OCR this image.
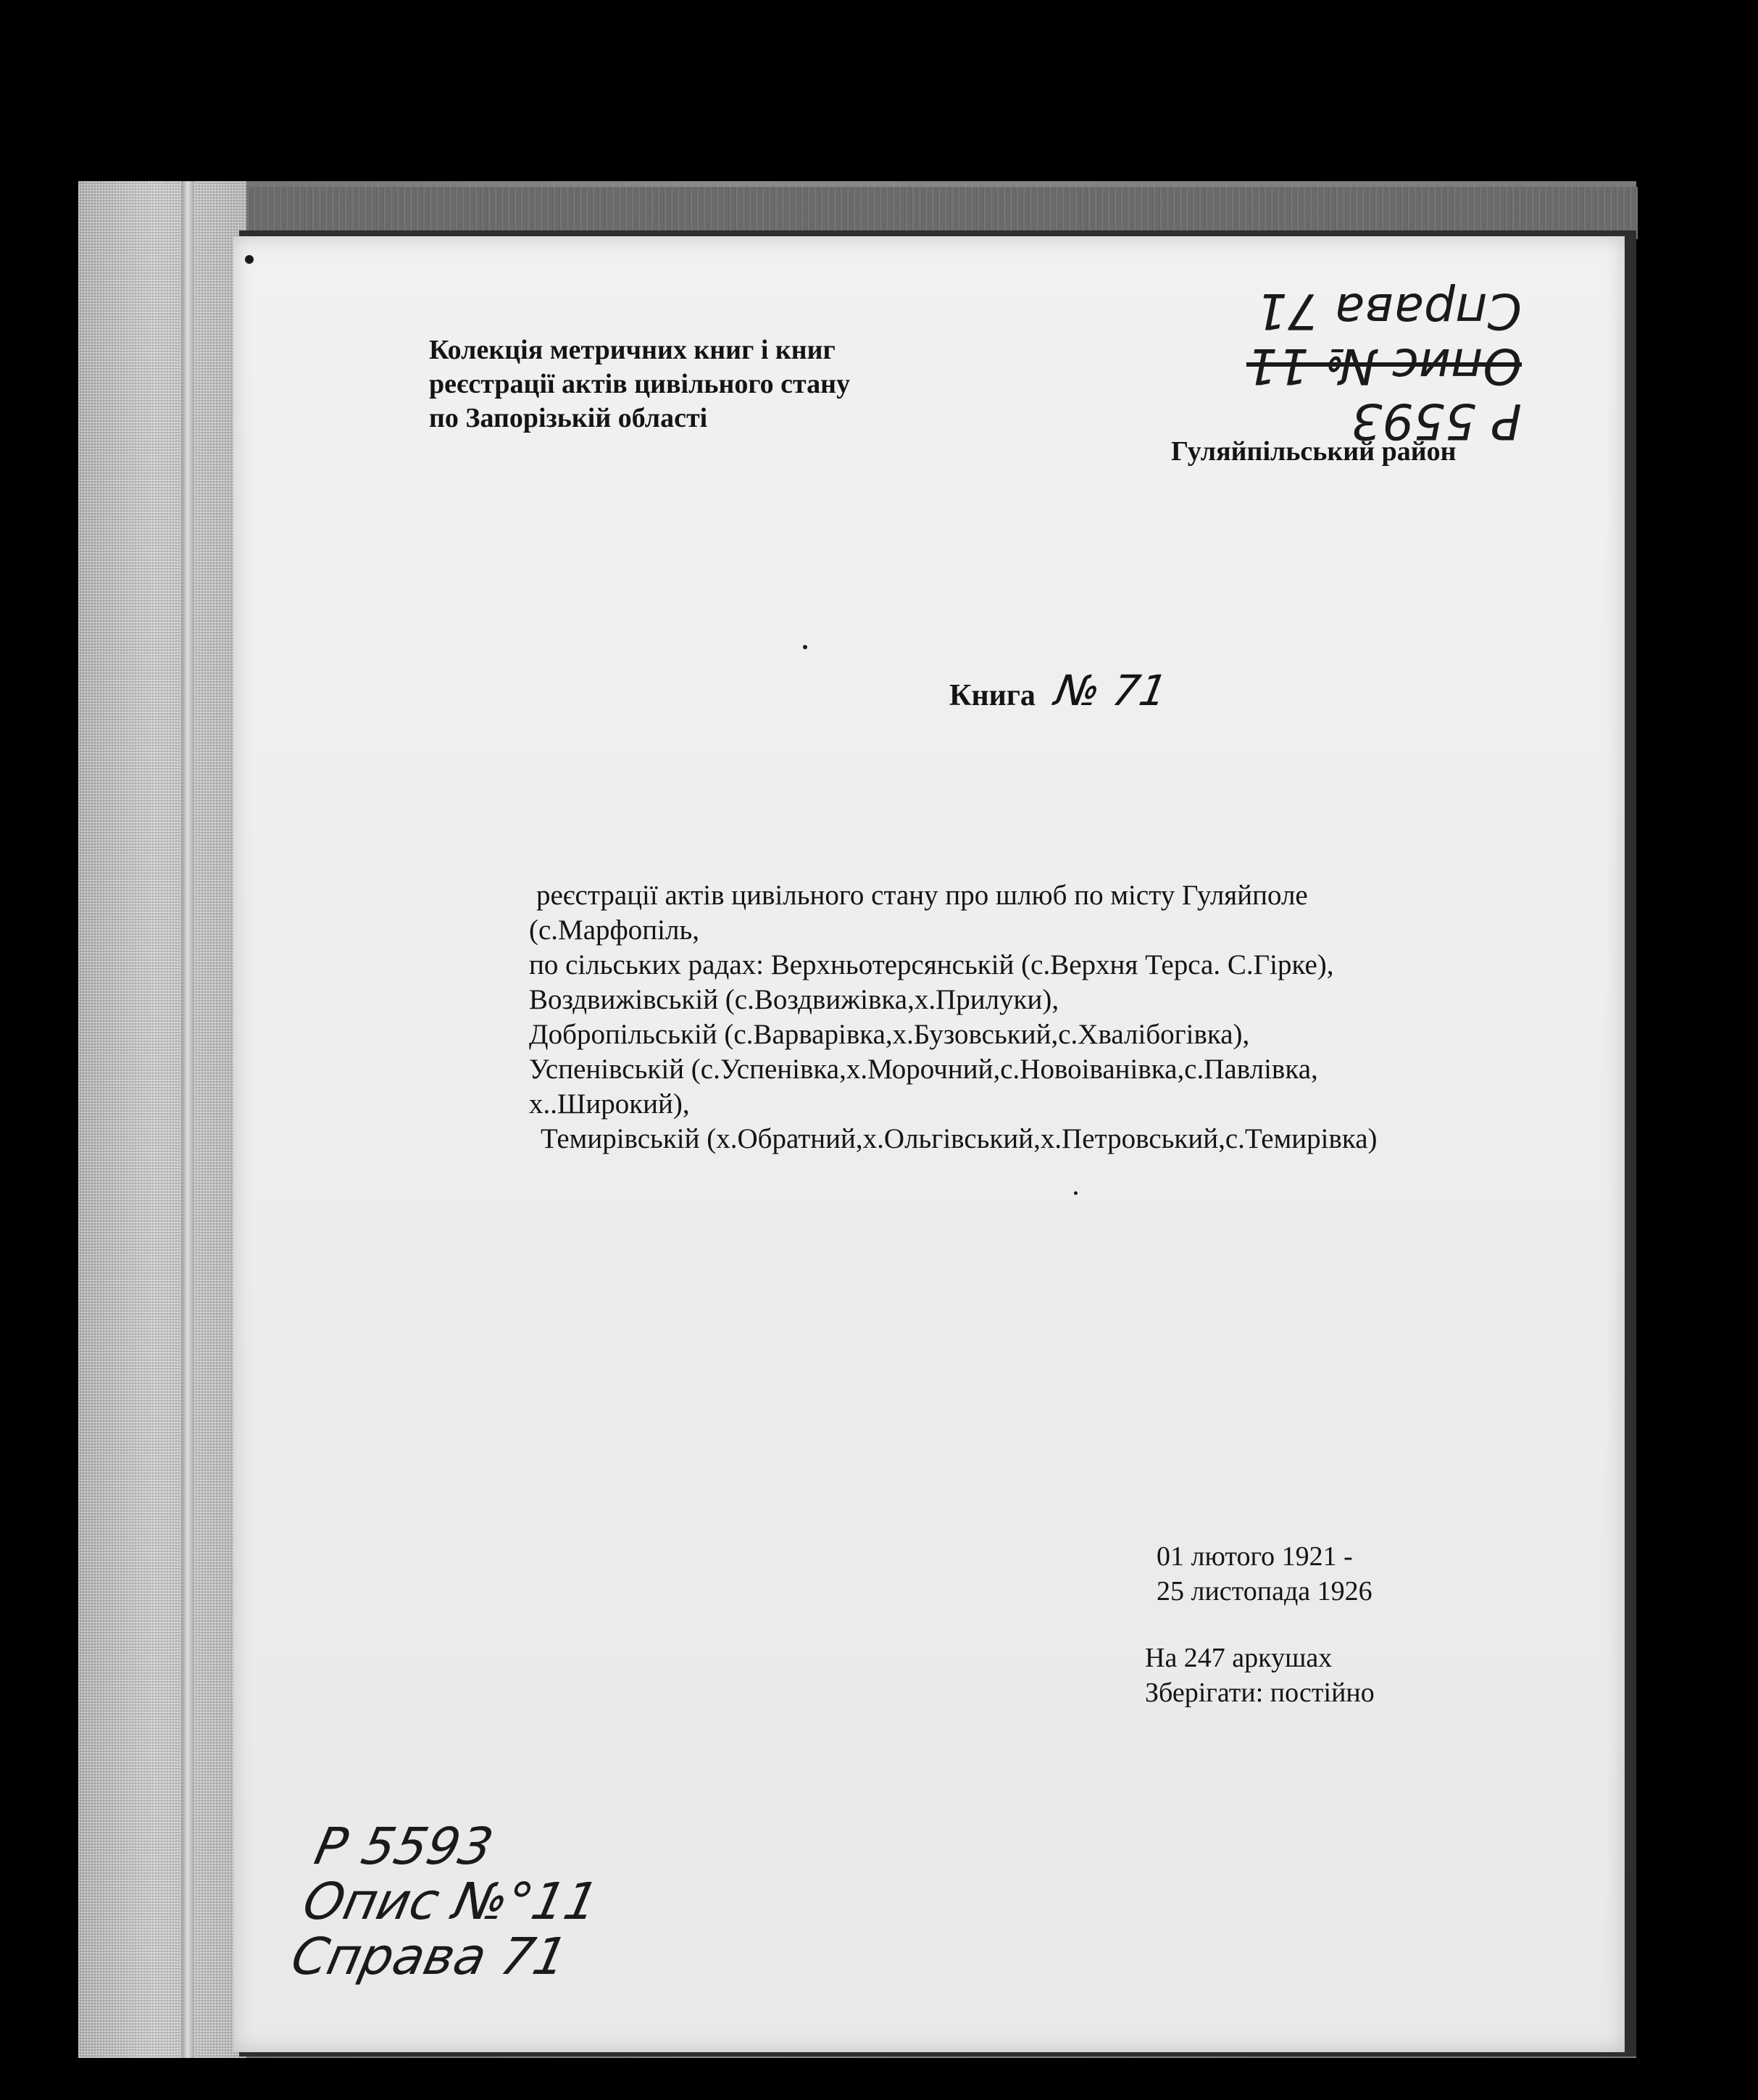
Колекція метричних книг і книг
реєстрації актів цивільного стану
по Запорізькій області
Гуляйпільський район
Книга № 71
реєстрації актів цивільного стану про шлюб по місту Гуляйполе
(с.Марфопіль,
по сільських радах: Верхньотерсянській (с.Верхня Терса. С.Гірке),
Воздвижівській (с.Воздвижівка,х.Прилуки),
Добропільській (с.Варварівка,х.Бузовський,с.Хвалібогівка),
Успенівській (с.Успенівка,х.Морочний,с.Новоіванівка,с.Павлівка,
х..Широкий),
Темирівській (х.Обратний,х.Ольгівський,х.Петровський,с.Темирівка)
01 лютого 1921 -
25 листопада 1926
На 247 аркушах
Зберігати: постійно
Р 5593
Опис № 11
Справа 71
Р 5593
Опис №°11
Справа 71
